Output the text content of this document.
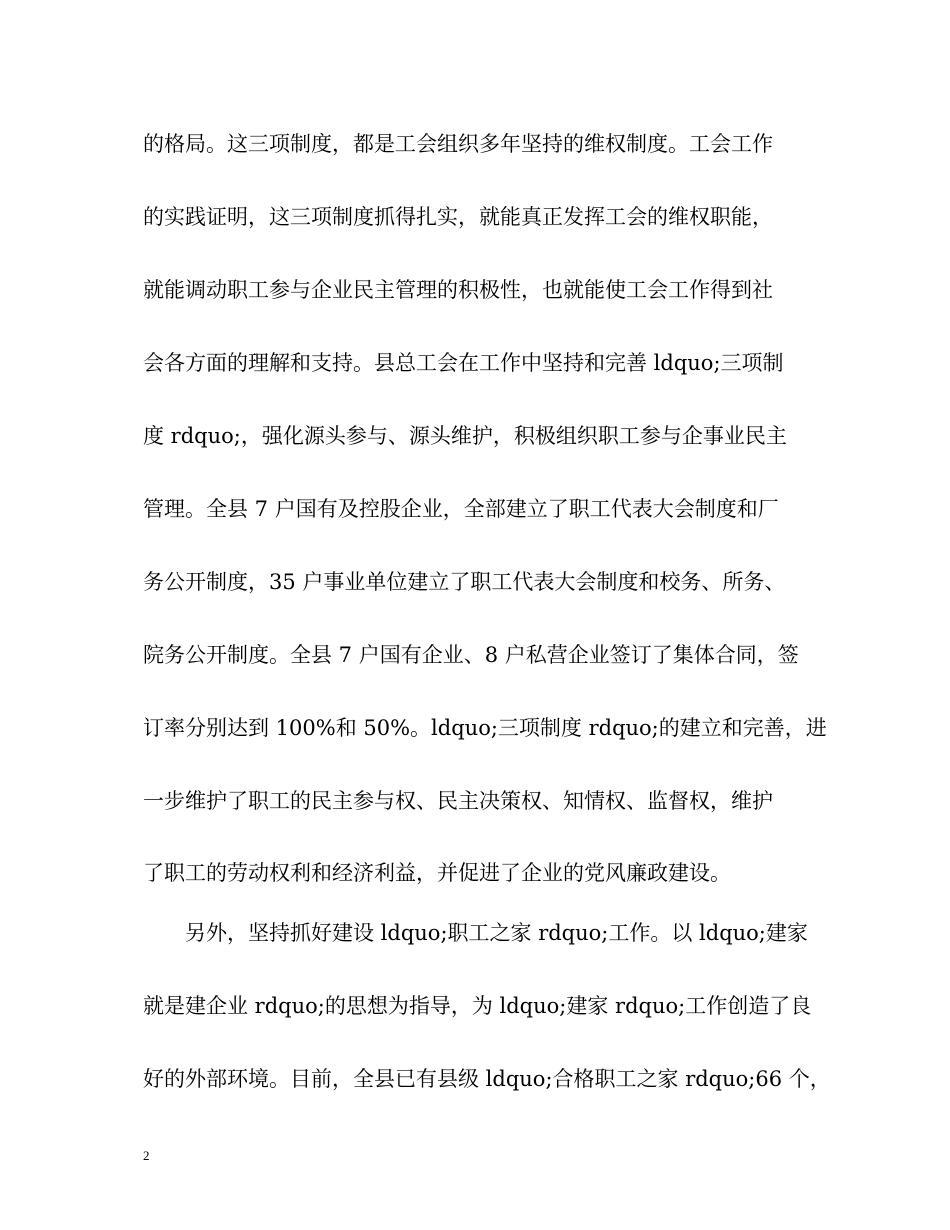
的格局。这三项制度，都是工会组织多年坚持的维权制度。工会工作
的实践证明，这三项制度抓得扎实，就能真正发挥工会的维权职能，
就能调动职工参与企业民主管理的积极性，也就能使工会工作得到社
会各方面的理解和支持。县总工会在工作中坚持和完善 ldquo;三项制
度 rdquo;，强化源头参与、源头维护，积极组织职工参与企事业民主
管理。全县 7 户国有及控股企业，全部建立了职工代表大会制度和厂
务公开制度，35 户事业单位建立了职工代表大会制度和校务、所务、
院务公开制度。全县 7 户国有企业、8 户私营企业签订了集体合同，签
订率分别达到 100%和 50%。ldquo;三项制度 rdquo;的建立和完善，进
一步维护了职工的民主参与权、民主决策权、知情权、监督权，维护
了职工的劳动权利和经济利益，并促进了企业的党风廉政建设。
另外，坚持抓好建设 ldquo;职工之家 rdquo;工作。以 ldquo;建家
就是建企业 rdquo;的思想为指导，为 ldquo;建家 rdquo;工作创造了良
好的外部环境。目前，全县已有县级 ldquo;合格职工之家 rdquo;66 个，
2
